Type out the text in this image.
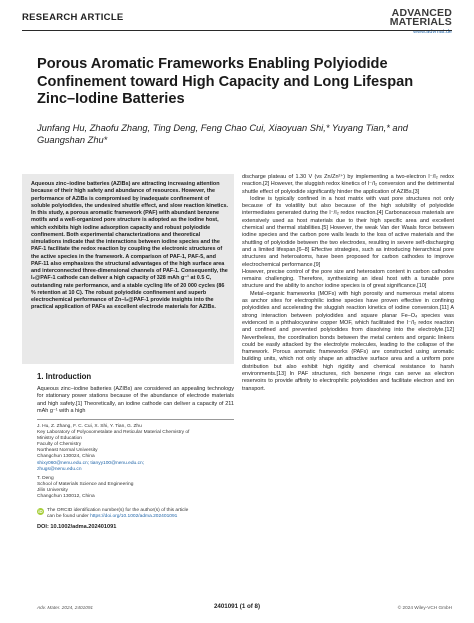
RESEARCH ARTICLE	ADVANCED
MATERIALS
www.advmat.de
Porous Aromatic Frameworks Enabling Polyiodide Confinement toward High Capacity and Long Lifespan Zinc–Iodine Batteries
Junfang Hu, Zhaofu Zhang, Ting Deng, Feng Chao Cui, Xiaoyuan Shi,* Yuyang Tian,* and Guangshan Zhu*

Aqueous zinc–iodine batteries (AZIBs) are attracting increasing attention because of their high safety and abundance of resources. However, the performance of AZIBs is compromised by inadequate confinement of soluble polyiodides, the undesired shuttle effect, and slow reaction kinetics. In this study, a porous aromatic framework (PAF) with abundant benzene motifs and a well-organized pore structure is adopted as the iodine host, which exhibits high iodine adsorption capacity and robust polyiodide confinement. Both experimental characterizations and theoretical simulations indicate that the interactions between iodine species and the PAF-1 facilitate the redox reaction by coupling the electronic structures of the active species in the framework. A comparison of PAF-1, PAF-5, and PAF-11 also emphasizes the structural advantages of the high surface area and interconnected three-dimensional channels of PAF-1. Consequently, the I₂@PAF-1 cathode can deliver a high capacity of 328 mAh g⁻¹ at 0.5 C, outstanding rate performance, and a stable cycling life of 20 000 cycles (86 % retention at 10 C). The robust polyiodide confinement and superb electrochemical performance of Zn–I₂@PAF-1 provide insights into the practical application of PAFs as excellent electrode materials for AZIBs.

1. Introduction

Aqueous zinc–iodine batteries (AZIBs) are considered an appealing technology for stationary power stations because of the abundance of electrode materials and high safety.[1] Theoretically, an iodine cathode can deliver a capacity of 211 mAh g⁻¹ with a high

J. Hu, Z. Zhang, F. C. Cui, X. Shi, Y. Tian, G. Zhu
Key Laboratory of Polyoxometalate and Reticular Material Chemistry of
Ministry of Education
Faculty of Chemistry
Northeast Normal University
Changchun 130024, China
shixy060@nenu.edu.cn; tianyy100@nenu.edu.cn;
zhugs@nenu.edu.cn
T. Deng
School of Materials Science and Engineering
Jilin University
Changchun 130012, China
iD The ORCID identification number(s) for the author(s) of this article
can be found under https://doi.org/10.1002/adma.202401091
DOI: 10.1002/adma.202401091

discharge plateau of 1.30 V (vs Zn/Zn²⁺) by implementing a two-electron I⁻/I₂ redox reaction.[2] However, the sluggish redox kinetics of I⁻/I₂ conversion and the detrimental shuttle effect of polyiodide significantly hinder the application of AZIBs.[3]

Iodine is typically confined in a host matrix with vast pore structures not only because of its volatility but also because of the high solubility of polyiodide intermediates generated during the I⁻/I₂ redox reaction.[4] Carbonaceous materials are extensively used as host materials due to their high specific area and excellent chemical and thermal stabilities.[5] However, the weak Van der Waals force between iodine species and the carbon pore walls leads to the loss of active materials and the shuttling of polyiodide between the two electrodes, resulting in severe self-discharging and a limited lifespan.[6–8] Effective strategies, such as introducing hierarchical pore structures and heteroatoms, have been proposed for carbon cathodes to improve electrochemical performance.[9]

However, precise control of the pore size and heteroatom content in carbon cathodes remains challenging. Therefore, synthesizing an ideal host with a tunable pore structure and the ability to anchor iodine species is of great significance.[10]

Metal–organic frameworks (MOFs) with high porosity and numerous metal atoms as anchor sites for electrophilic iodine species have proven effective in confining polyiodides and accelerating the sluggish reaction kinetics of iodine conversion.[11] A strong interaction between polyiodides and square planar Fe–O₄ species was evidenced in a phthalocyanine copper MOF, which facilitated the I⁻/I₂ redox reaction and confined and prevented polyiodides from dissolving into the electrolyte.[12] Nevertheless, the coordination bonds between the metal centers and organic linkers could be easily attacked by the electrolyte molecules, leading to the collapse of the framework. Porous aromatic frameworks (PAFs) are constructed using aromatic building units, which not only shape an attractive surface area and a uniform pore distribution but also exhibit high rigidity and chemical resistance to harsh environments.[13] In PAF structures, rich benzene rings can serve as electron reservoirs to provide affinity to electrophilic polyiodides and facilitate electron and ion transport.

Adv. Mater. 2024, 2401091	2401091 (1 of 8)	© 2024 Wiley-VCH GmbH
